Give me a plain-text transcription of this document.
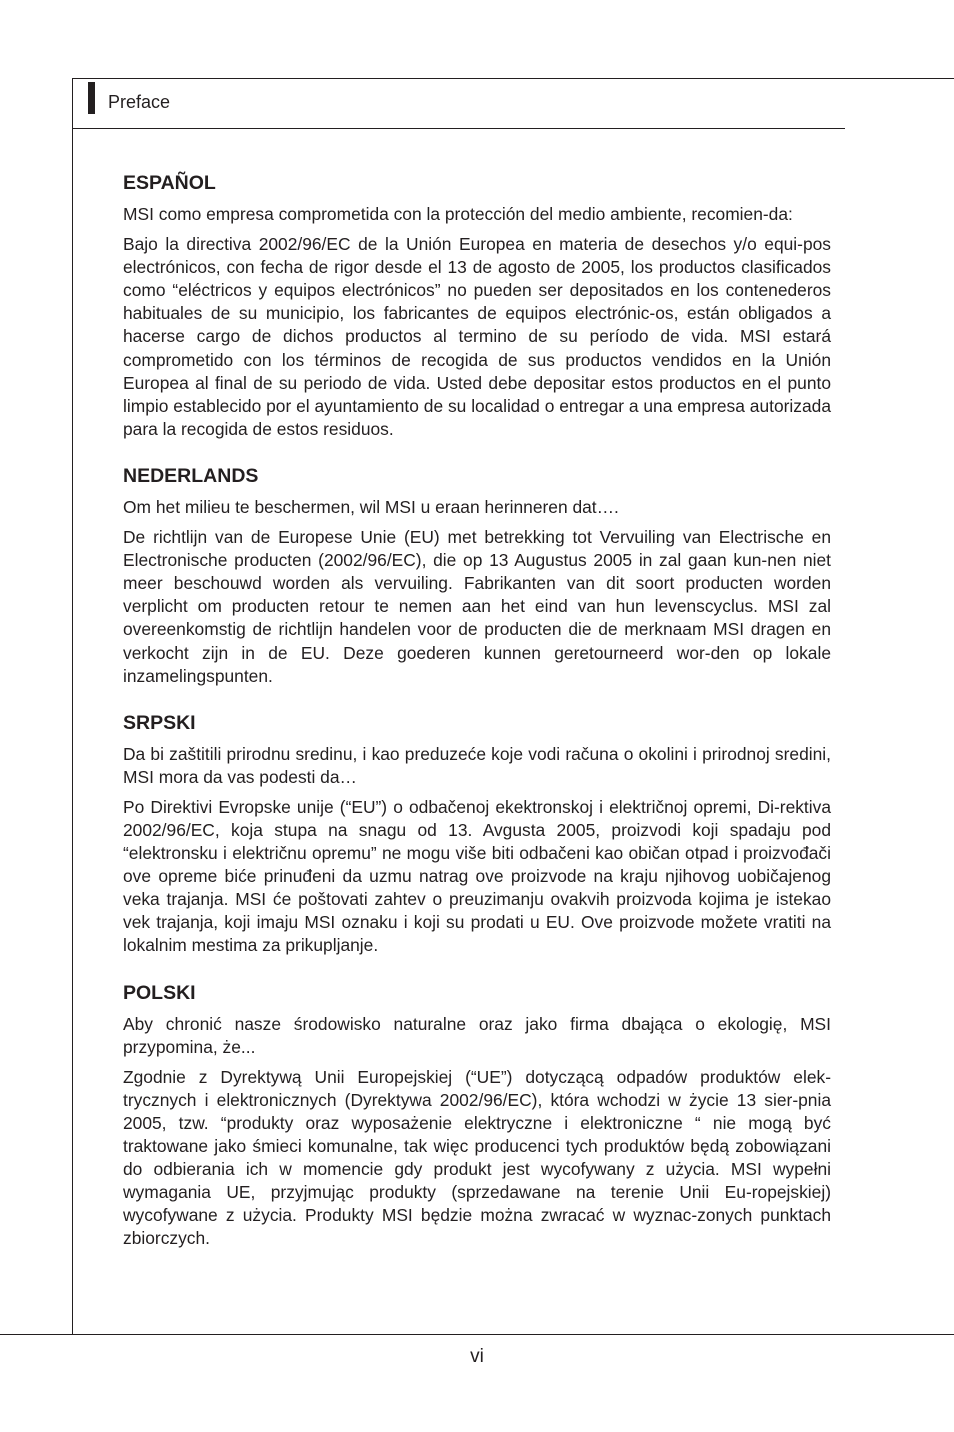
Preface
ESPAÑOL

MSI como empresa comprometida con la protección del medio ambiente, recomien-da:

Bajo la directiva 2002/96/EC de la Unión Europea en materia de desechos y/o equi-pos electrónicos, con fecha de rigor desde el 13 de agosto de 2005, los productos clasificados como “eléctricos y equipos electrónicos” no pueden ser depositados en los contenederos habituales de su municipio, los fabricantes de equipos electrónic-os, están obligados a hacerse cargo de dichos productos al termino de su período de vida. MSI estará comprometido con los términos de recogida de sus productos vendidos en la Unión Europea al final de su periodo de vida. Usted debe depositar estos productos en el punto limpio establecido por el ayuntamiento de su localidad o entregar a una empresa autorizada para la recogida de estos residuos.

NEDERLANDS

Om het milieu te beschermen, wil MSI u eraan herinneren dat….

De richtlijn van de Europese Unie (EU) met betrekking tot Vervuiling van Electrische en Electronische producten (2002/96/EC), die op 13 Augustus 2005 in zal gaan kun-nen niet meer beschouwd worden als vervuiling. Fabrikanten van dit soort producten worden verplicht om producten retour te nemen aan het eind van hun levenscyclus. MSI zal overeenkomstig de richtlijn handelen voor de producten die de merknaam MSI dragen en verkocht zijn in de EU. Deze goederen kunnen geretourneerd wor-den op lokale inzamelingspunten.

SRPSKI

Da bi zaštitili prirodnu sredinu, i kao preduzeće koje vodi računa o okolini i prirodnoj sredini, MSI mora da vas podesti da…

Po Direktivi Evropske unije (“EU”) o odbačenoj ekektronskoj i električnoj opremi, Di-rektiva 2002/96/EC, koja stupa na snagu od 13. Avgusta 2005, proizvodi koji spadaju pod “elektronsku i električnu opremu” ne mogu više biti odbačeni kao običan otpad i proizvođači ove opreme biće prinuđeni da uzmu natrag ove proizvode na kraju njihovog uobičajenog veka trajanja. MSI će poštovati zahtev o preuzimanju ovakvih proizvoda kojima je istekao vek trajanja, koji imaju MSI oznaku i koji su prodati u EU. Ove proizvode možete vratiti na lokalnim mestima za prikupljanje.

POLSKI

Aby chronić nasze środowisko naturalne oraz jako firma dbająca o ekologię, MSI przypomina, że...

Zgodnie z Dyrektywą Unii Europejskiej (“UE”) dotyczącą odpadów produktów elek-trycznych i elektronicznych (Dyrektywa 2002/96/EC), która wchodzi w życie 13 sier-pnia 2005, tzw. “produkty oraz wyposażenie elektryczne i elektroniczne “ nie mogą być traktowane jako śmieci komunalne, tak więc producenci tych produktów będą zobowiązani do odbierania ich w momencie gdy produkt jest wycofywany z użycia. MSI wypełni wymagania UE, przyjmując produkty (sprzedawane na terenie Unii Eu-ropejskiej) wycofywane z użycia. Produkty MSI będzie można zwracać w wyznac-zonych punktach zbiorczych.

vi
